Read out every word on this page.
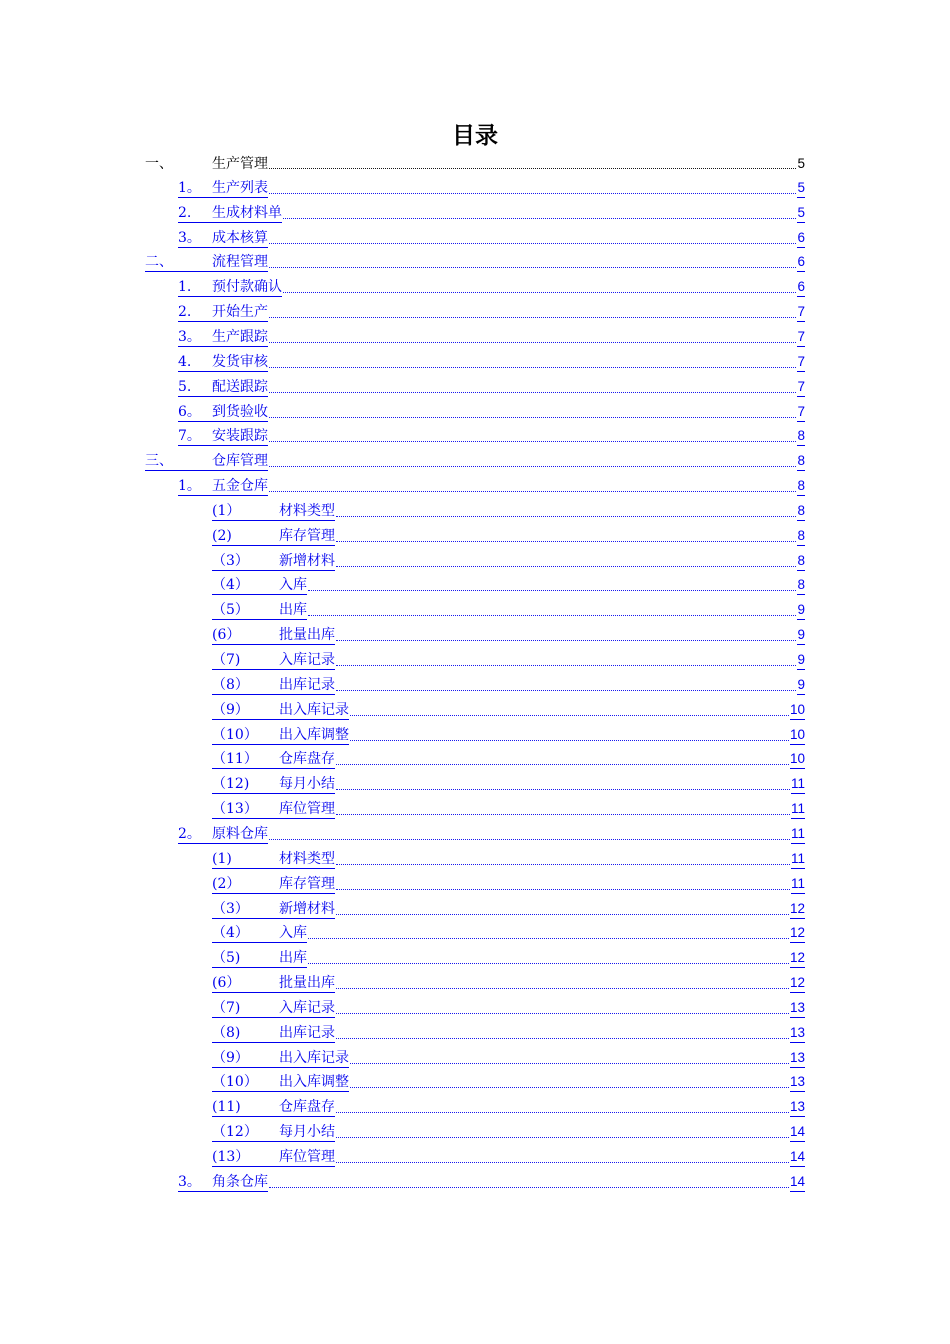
目录
一、	生产管理	5
1。 生产列表	5
2.	生成材料单	5
3。 成本核算	6
二、	流程管理	6
1.	预付款确认	6
2.	开始生产	7
3。 生产跟踪	7
4.	发货审核	7
5.	配送跟踪	7
6。 到货验收	7
7。 安装跟踪	8
三、	仓库管理	8
1。 五金仓库	8
(1）	材料类型	8
(2)	库存管理	8
（3）	新增材料	8
（4）	入库	8
（5）	出库	9
(6）	批量出库	9
（7)	入库记录	9
（8）	出库记录	9
（9）	出入库记录	10
（10）	出入库调整	10
（11）	仓库盘存	10
（12)	每月小结	11
（13）	库位管理	11
2。 原料仓库	11
(1)	材料类型	11
(2）	库存管理	11
（3）	新增材料	12
（4）	入库	12
（5)	出库	12
(6）	批量出库	12
（7)	入库记录	13
（8)	出库记录	13
（9）	出入库记录	13
（10）	出入库调整	13
(11)	仓库盘存	13
（12）	每月小结	14
(13）	库位管理	14
3。 角条仓库	14
